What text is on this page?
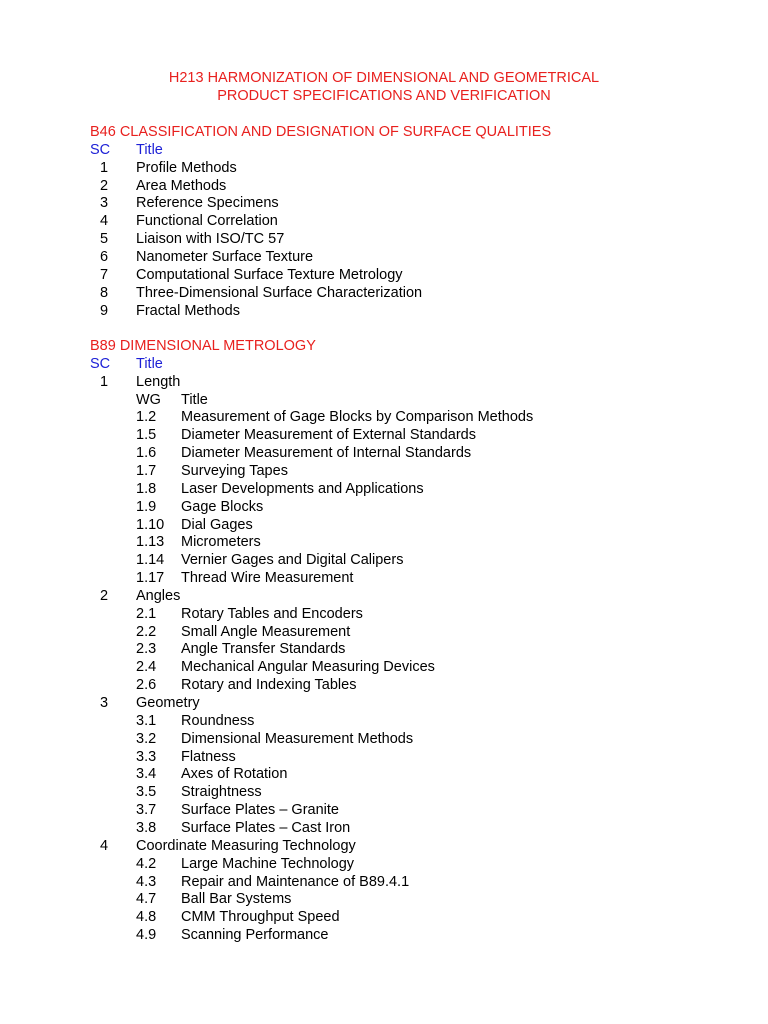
H213 HARMONIZATION OF DIMENSIONAL AND GEOMETRICAL
PRODUCT SPECIFICATIONS AND VERIFICATION
B46 CLASSIFICATION AND DESIGNATION OF SURFACE QUALITIES
SC Title
1 Profile Methods
2 Area Methods
3 Reference Specimens
4 Functional Correlation
5 Liaison with ISO/TC 57
6 Nanometer Surface Texture
7 Computational Surface Texture Metrology
8 Three-Dimensional Surface Characterization
9 Fractal Methods
B89 DIMENSIONAL METROLOGY
SC Title
1 Length
WG Title
1.2 Measurement of Gage Blocks by Comparison Methods
1.5 Diameter Measurement of External Standards
1.6 Diameter Measurement of Internal Standards
1.7 Surveying Tapes
1.8 Laser Developments and Applications
1.9 Gage Blocks
1.10 Dial Gages
1.13 Micrometers
1.14 Vernier Gages and Digital Calipers
1.17 Thread Wire Measurement
2 Angles
2.1 Rotary Tables and Encoders
2.2 Small Angle Measurement
2.3 Angle Transfer Standards
2.4 Mechanical Angular Measuring Devices
2.6 Rotary and Indexing Tables
3 Geometry
3.1 Roundness
3.2 Dimensional Measurement Methods
3.3 Flatness
3.4 Axes of Rotation
3.5 Straightness
3.7 Surface Plates – Granite
3.8 Surface Plates – Cast Iron
4 Coordinate Measuring Technology
4.2 Large Machine Technology
4.3 Repair and Maintenance of B89.4.1
4.7 Ball Bar Systems
4.8 CMM Throughput Speed
4.9 Scanning Performance
